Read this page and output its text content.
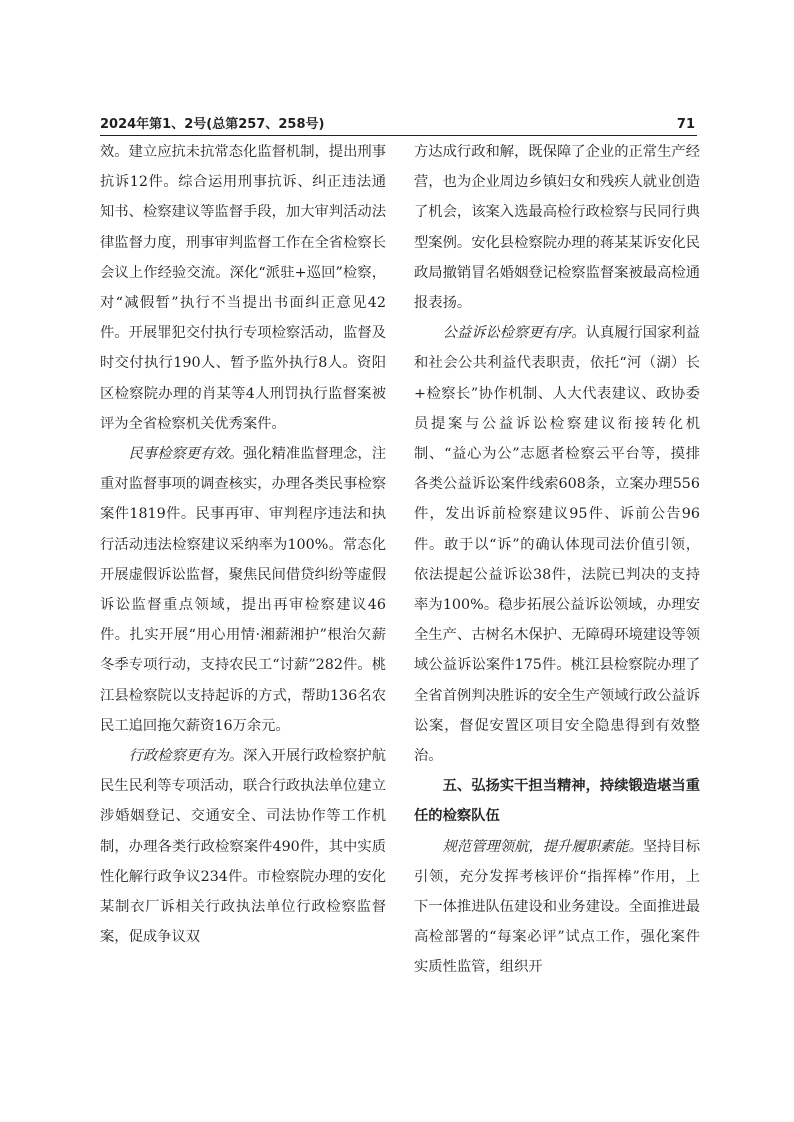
2024年第1、2号(总第257、258号)	71

效。建立应抗未抗常态化监督机制，提出刑事抗诉12件。综合运用刑事抗诉、纠正违法通知书、检察建议等监督手段，加大审判活动法律监督力度，刑事审判监督工作在全省检察长会议上作经验交流。深化“派驻+巡回”检察，对“减假暂”执行不当提出书面纠正意见42件。开展罪犯交付执行专项检察活动，监督及时交付执行190人、暂予监外执行8人。资阳区检察院办理的肖某等4人刑罚执行监督案被评为全省检察机关优秀案件。

民事检察更有效。强化精准监督理念，注重对监督事项的调查核实，办理各类民事检察案件1819件。民事再审、审判程序违法和执行活动违法检察建议采纳率为100%。常态化开展虚假诉讼监督，聚焦民间借贷纠纷等虚假诉讼监督重点领域，提出再审检察建议46件。扎实开展“用心用情·湘薪湘护”根治欠薪冬季专项行动，支持农民工“讨薪”282件。桃江县检察院以支持起诉的方式，帮助136名农民工追回拖欠薪资16万余元。

行政检察更有为。深入开展行政检察护航民生民利等专项活动，联合行政执法单位建立涉婚姻登记、交通安全、司法协作等工作机制，办理各类行政检察案件490件，其中实质性化解行政争议234件。市检察院办理的安化某制衣厂诉相关行政执法单位行政检察监督案，促成争议双

方达成行政和解，既保障了企业的正常生产经营，也为企业周边乡镇妇女和残疾人就业创造了机会，该案入选最高检行政检察与民同行典型案例。安化县检察院办理的蒋某某诉安化民政局撤销冒名婚姻登记检察监督案被最高检通报表扬。

公益诉讼检察更有序。认真履行国家利益和社会公共利益代表职责，依托“河（湖）长+检察长”协作机制、人大代表建议、政协委员提案与公益诉讼检察建议衔接转化机制、“益心为公”志愿者检察云平台等，摸排各类公益诉讼案件线索608条，立案办理556件，发出诉前检察建议95件、诉前公告96件。敢于以“诉”的确认体现司法价值引领，依法提起公益诉讼38件，法院已判决的支持率为100%。稳步拓展公益诉讼领域，办理安全生产、古树名木保护、无障碍环境建设等领域公益诉讼案件175件。桃江县检察院办理了全省首例判决胜诉的安全生产领域行政公益诉讼案，督促安置区项目安全隐患得到有效整治。

五、弘扬实干担当精神，持续锻造堪当重任的检察队伍

规范管理领航，提升履职素能。坚持目标引领，充分发挥考核评价“指挥棒”作用，上下一体推进队伍建设和业务建设。全面推进最高检部署的“每案必评”试点工作，强化案件实质性监管，组织开
